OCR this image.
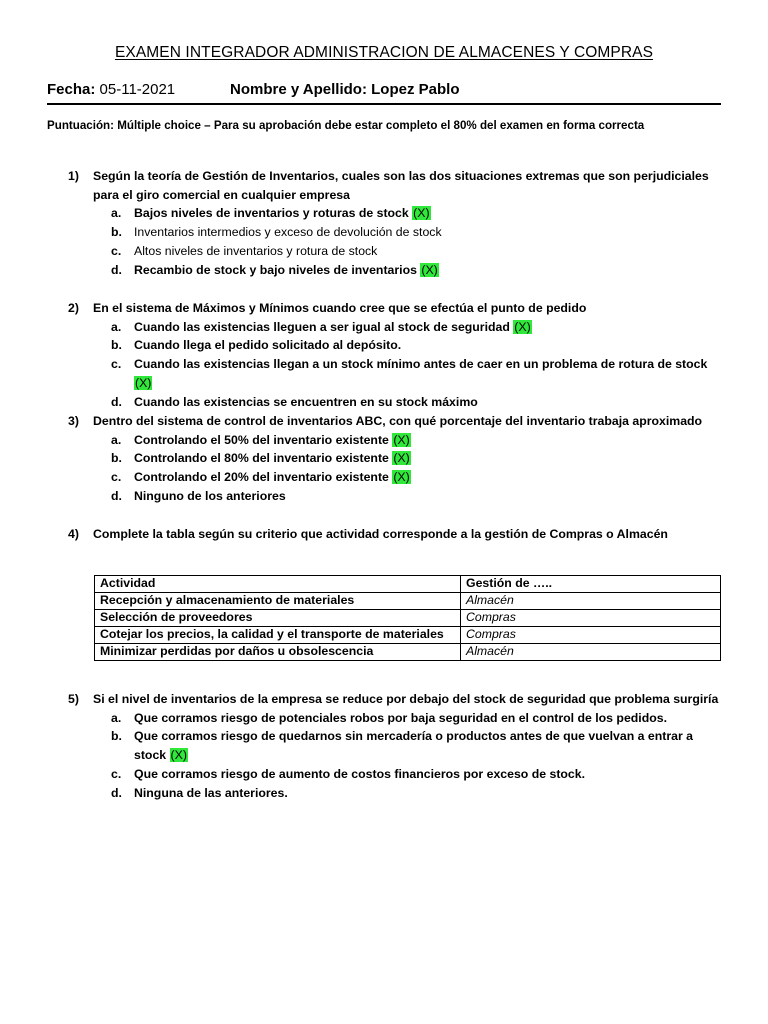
EXAMEN INTEGRADOR ADMINISTRACION DE ALMACENES Y COMPRAS
Fecha: 05-11-2021	Nombre y Apellido: Lopez Pablo
Puntuación: Múltiple choice – Para su aprobación debe estar completo el 80% del examen en forma correcta
1) Según la teoría de Gestión de Inventarios, cuales son las dos situaciones extremas que son perjudiciales para el giro comercial en cualquier empresa
a. Bajos niveles de inventarios y roturas de stock (X)
b. Inventarios intermedios y exceso de devolución de stock
c. Altos niveles de inventarios y rotura de stock
d. Recambio de stock y bajo niveles de inventarios (X)
2) En el sistema de Máximos y Mínimos cuando cree que se efectúa el punto de pedido
a. Cuando las existencias lleguen a ser igual al stock de seguridad (X)
b. Cuando llega el pedido solicitado al depósito.
c. Cuando las existencias llegan a un stock mínimo antes de caer en un problema de rotura de stock (X)
d. Cuando las existencias se encuentren en su stock máximo
3) Dentro del sistema de control de inventarios ABC, con qué porcentaje del inventario trabaja aproximado
a. Controlando el 50% del inventario existente (X)
b. Controlando el 80% del inventario existente (X)
c. Controlando el 20% del inventario existente (X)
d. Ninguno de los anteriores
4) Complete la tabla según su criterio que actividad corresponde a la gestión de Compras o Almacén
Actividad	Gestión de …..
Recepción y almacenamiento de materiales	Almacén
Selección de proveedores	Compras
Cotejar los precios, la calidad y el transporte de materiales	Compras
Minimizar perdidas por daños u obsolescencia	Almacén
5) Si el nivel de inventarios de la empresa se reduce por debajo del stock de seguridad que problema surgiría
a. Que corramos riesgo de potenciales robos por baja seguridad en el control de los pedidos.
b. Que corramos riesgo de quedarnos sin mercadería o productos antes de que vuelvan a entrar a stock (X)
c. Que corramos riesgo de aumento de costos financieros por exceso de stock.
d. Ninguna de las anteriores.
